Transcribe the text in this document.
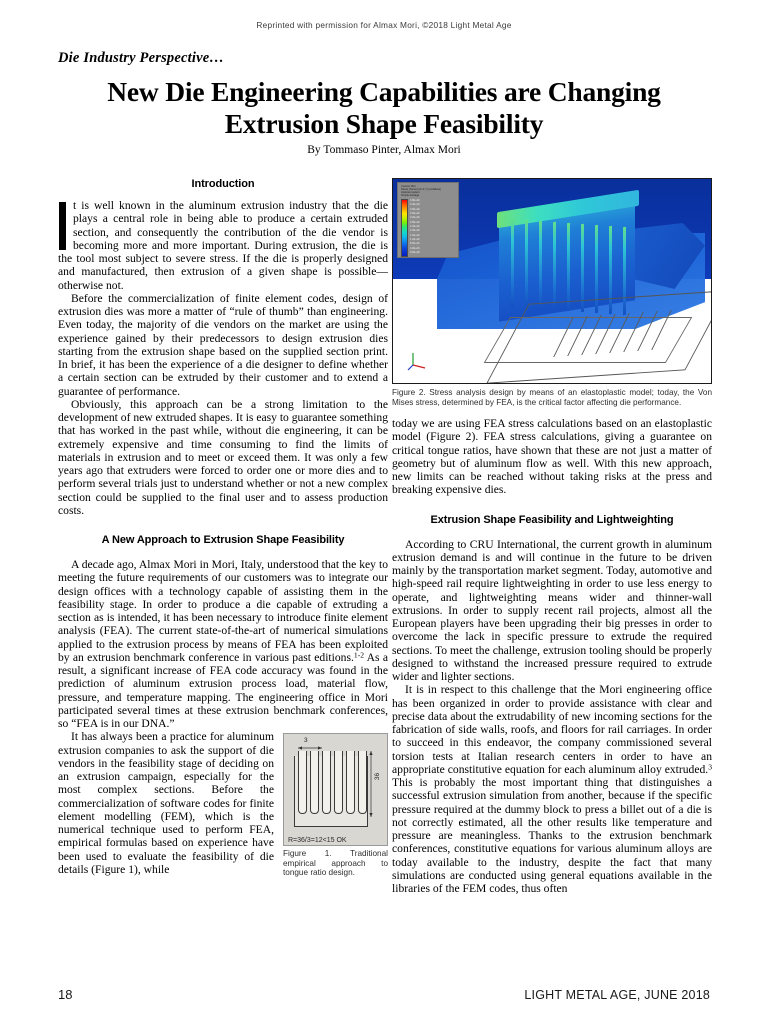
Reprinted with permission for Almax Mori, ©2018 Light Metal Age
Die Industry Perspective…
New Die Engineering Capabilities are Changing Extrusion Shape Feasibility
By Tommaso Pinter, Almax Mori
Introduction

t is well known in the aluminum extrusion industry that the die plays a central role in being able to produce a certain extruded section, and consequently the contribution of the die vendor is becoming more and more important. During extrusion, the die is the tool most subject to severe stress. If the die is properly designed and manufactured, then extrusion of a given shape is possible—otherwise not.

Before the commercialization of finite element codes, design of extrusion dies was more a matter of “rule of thumb” than engineering. Even today, the majority of die vendors on the market are using the experience gained by their predecessors to design extrusion dies starting from the extrusion shape based on the supplied section print. In brief, it has been the experience of a die designer to define whether a certain section can be extruded by their customer and to extend a guarantee of performance.

Obviously, this approach can be a strong limitation to the development of new extruded shapes. It is easy to guarantee something that has worked in the past while, without die engineering, it can be extremely expensive and time consuming to find the limits of materials in extrusion and to meet or exceed them. It was only a few years ago that extruders were forced to order one or more dies and to perform several trials just to understand whether or not a new complex section could be supplied to the final user and to assess production costs.

A New Approach to Extrusion Shape Feasibility

A decade ago, Almax Mori in Mori, Italy, understood that the key to meeting the future requirements of our customers was to integrate our design offices with a technology capable of assisting them in the feasibility stage. In order to produce a die capable of extruding a section as is intended, it has been necessary to introduce finite element analysis (FEA). The current state-of-the-art of numerical simulations applied to the extrusion process by means of FEA has been exploited by an extrusion benchmark conference in various past editions.$^{1-2}$ As a result, a significant increase of FEA code accuracy was found in the prediction of aluminum extrusion process load, material flow, pressure, and temperature mapping. The engineering office in Mori participated several times at these extrusion benchmark conferences, so “FEA is in our DNA.”

3
36
R=36/3=12<15 OK
Figure 1. Traditional empirical approach to tongue ratio design.

It has always been a practice for aluminum extrusion companies to ask the support of die vendors in the feasibility stage of deciding on an extrusion campaign, especially for the most complex sections. Before the commercialization of software codes for finite element modelling (FEM), which is the numerical technique used to perform FEA, empirical formulas based on experience have been used to evaluate the feasibility of die details (Figure 1), while

Contour Plot
Stress (Tensor) (Z-X,Y) (vonMises)
Analysis system
Simple Average
4.8E+02
4.4E+02
4.0E+02
3.6E+02
3.2E+02
2.8E+02
2.4E+02
2.0E+02
1.6E+02
1.2E+02
8.0E+01
4.0E+01
0.0E+00
Figure 2. Stress analysis design by means of an elastoplastic model; today, the Von Mises stress, determined by FEA, is the critical factor affecting die performance.

today we are using FEA stress calculations based on an elastoplastic model (Figure 2). FEA stress calculations, giving a guarantee on critical tongue ratios, have shown that these are not just a matter of geometry but of aluminum flow as well. With this new approach, new limits can be reached without taking risks at the press and breaking expensive dies.

Extrusion Shape Feasibility and Lightweighting

According to CRU International, the current growth in aluminum extrusion demand is and will continue in the future to be driven mainly by the transportation market segment. Today, automotive and high-speed rail require lightweighting in order to use less energy to operate, and lightweighting means wider and thinner-wall extrusions. In order to supply recent rail projects, almost all the European players have been upgrading their big presses in order to overcome the lack in specific pressure to extrude the required sections. To meet the challenge, extrusion tooling should be properly designed to withstand the increased pressure required to extrude wider and lighter sections.

It is in respect to this challenge that the Mori engineering office has been organized in order to provide assistance with clear and precise data about the extrudability of new incoming sections for the fabrication of side walls, roofs, and floors for rail carriages. In order to succeed in this endeavor, the company commissioned several torsion tests at Italian research centers in order to have an appropriate constitutive equation for each aluminum alloy extruded.$^3$ This is probably the most important thing that distinguishes a successful extrusion simulation from another, because if the specific pressure required at the dummy block to press a billet out of a die is not correctly estimated, all the other results like temperature and pressure are meaningless. Thanks to the extrusion benchmark conferences, constitutive equations for various aluminum alloys are today available to the industry, despite the fact that many simulations are conducted using general equations available in the libraries of the FEM codes, thus often

18	LIGHT METAL AGE, JUNE 2018
